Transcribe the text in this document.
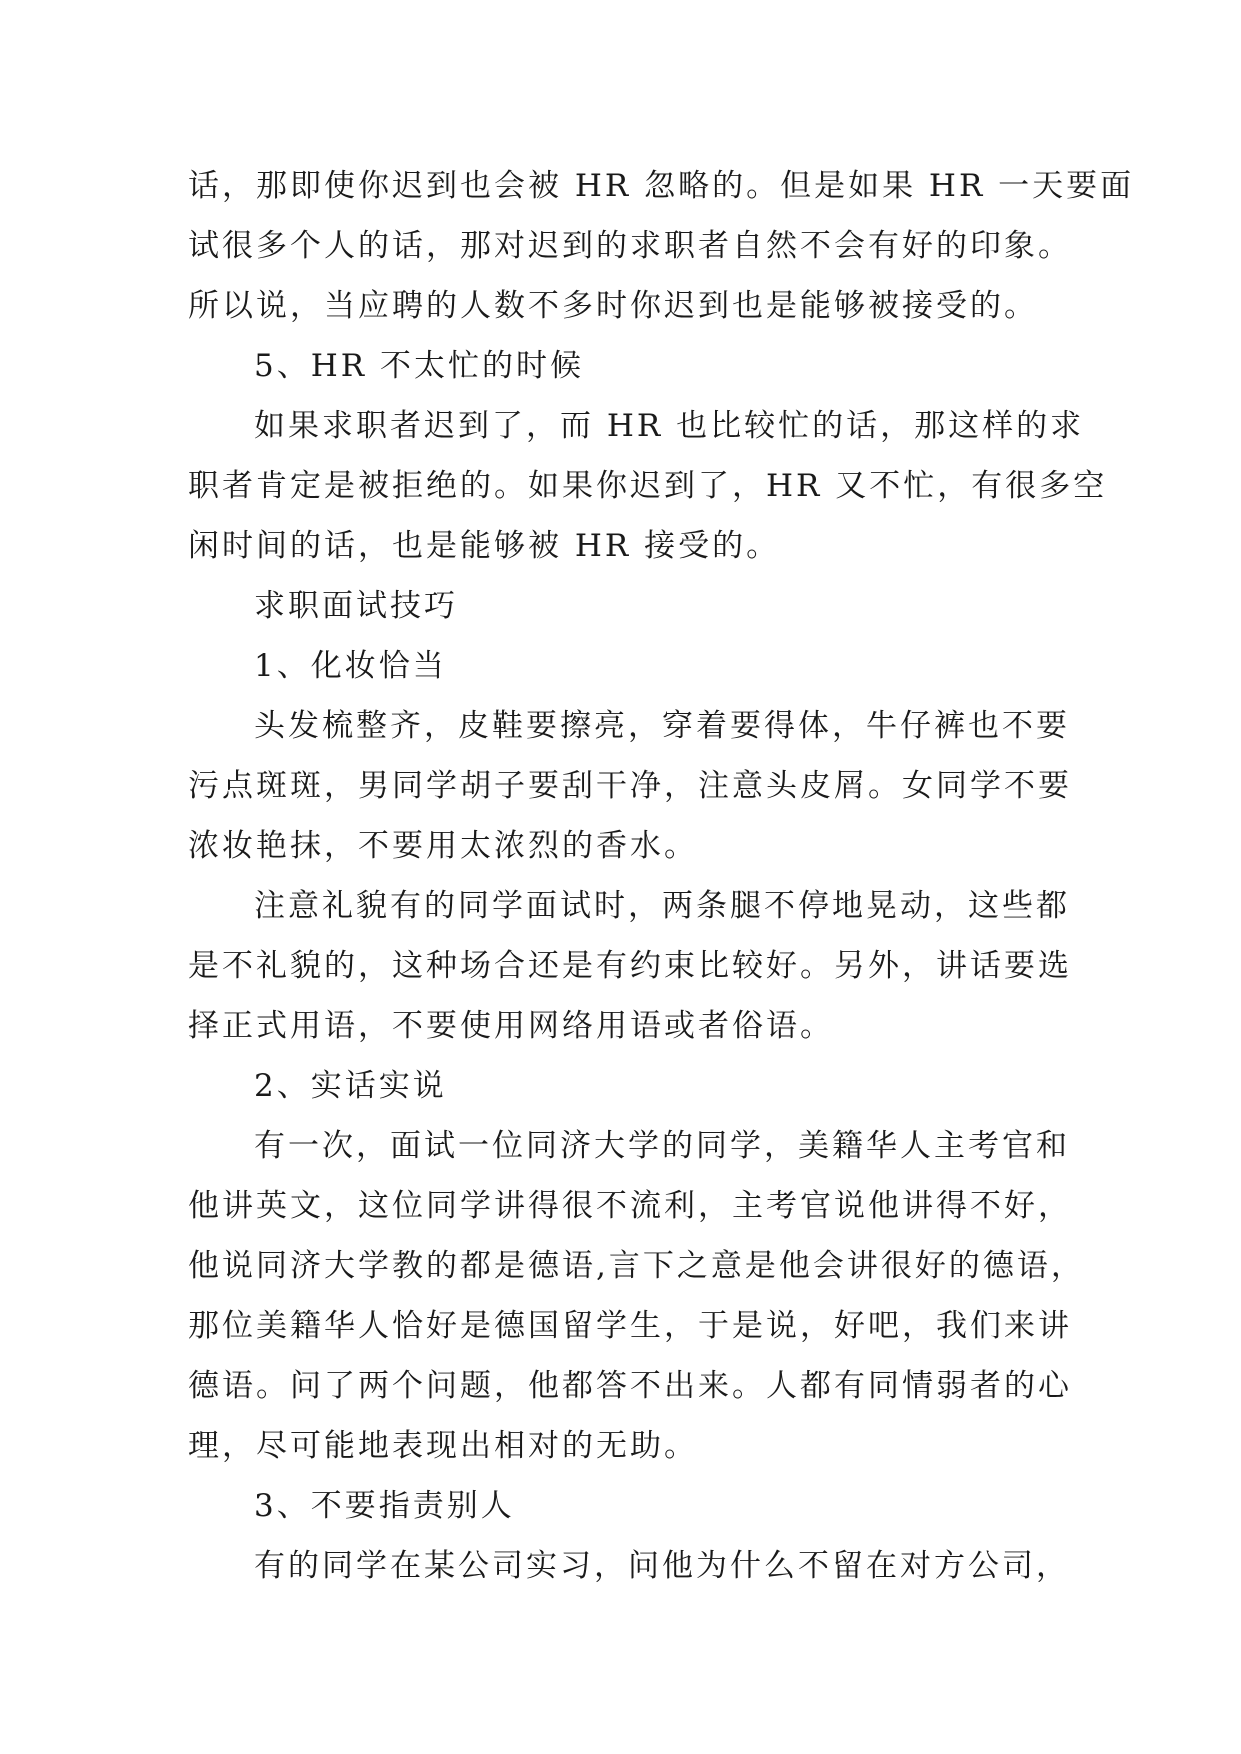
话，那即使你迟到也会被 HR 忽略的。但是如果 HR 一天要面
试很多个人的话，那对迟到的求职者自然不会有好的印象。
所以说，当应聘的人数不多时你迟到也是能够被接受的。
5、HR 不太忙的时候
如果求职者迟到了，而 HR 也比较忙的话，那这样的求
职者肯定是被拒绝的。如果你迟到了，HR 又不忙，有很多空
闲时间的话，也是能够被 HR 接受的。
求职面试技巧
1、化妆恰当
头发梳整齐，皮鞋要擦亮，穿着要得体，牛仔裤也不要
污点斑斑，男同学胡子要刮干净，注意头皮屑。女同学不要
浓妆艳抹，不要用太浓烈的香水。
注意礼貌有的同学面试时，两条腿不停地晃动，这些都
是不礼貌的，这种场合还是有约束比较好。另外，讲话要选
择正式用语，不要使用网络用语或者俗语。
2、实话实说
有一次，面试一位同济大学的同学，美籍华人主考官和
他讲英文，这位同学讲得很不流利，主考官说他讲得不好，
他说同济大学教的都是德语,言下之意是他会讲很好的德语，
那位美籍华人恰好是德国留学生，于是说，好吧，我们来讲
德语。问了两个问题，他都答不出来。人都有同情弱者的心
理，尽可能地表现出相对的无助。
3、不要指责别人
有的同学在某公司实习，问他为什么不留在对方公司，
